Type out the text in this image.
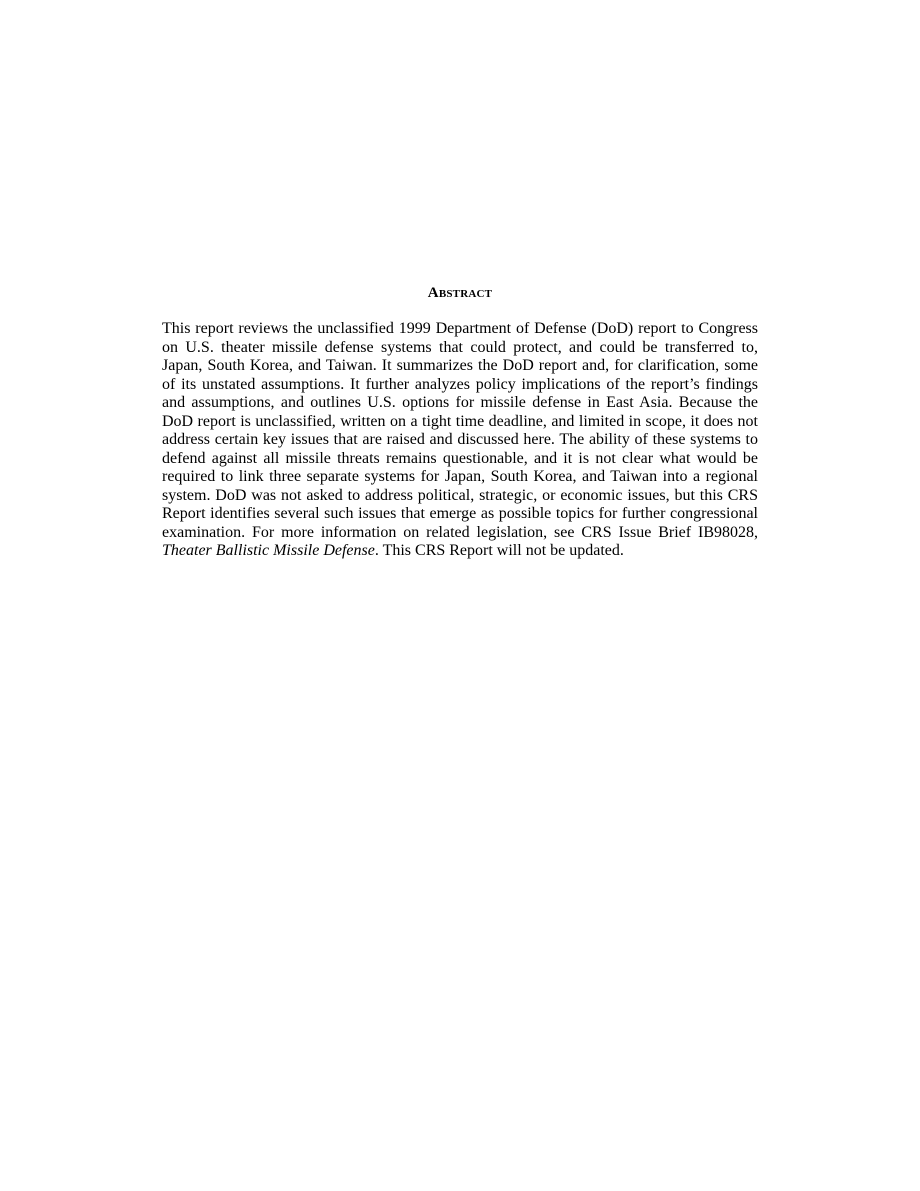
Abstract

This report reviews the unclassified 1999 Department of Defense (DoD) report to Congress on U.S. theater missile defense systems that could protect, and could be transferred to, Japan, South Korea, and Taiwan. It summarizes the DoD report and, for clarification, some of its unstated assumptions. It further analyzes policy implications of the report’s findings and assumptions, and outlines U.S. options for missile defense in East Asia. Because the DoD report is unclassified, written on a tight time deadline, and limited in scope, it does not address certain key issues that are raised and discussed here. The ability of these systems to defend against all missile threats remains questionable, and it is not clear what would be required to link three separate systems for Japan, South Korea, and Taiwan into a regional system. DoD was not asked to address political, strategic, or economic issues, but this CRS Report identifies several such issues that emerge as possible topics for further congressional examination. For more information on related legislation, see CRS Issue Brief IB98028, Theater Ballistic Missile Defense. This CRS Report will not be updated.
